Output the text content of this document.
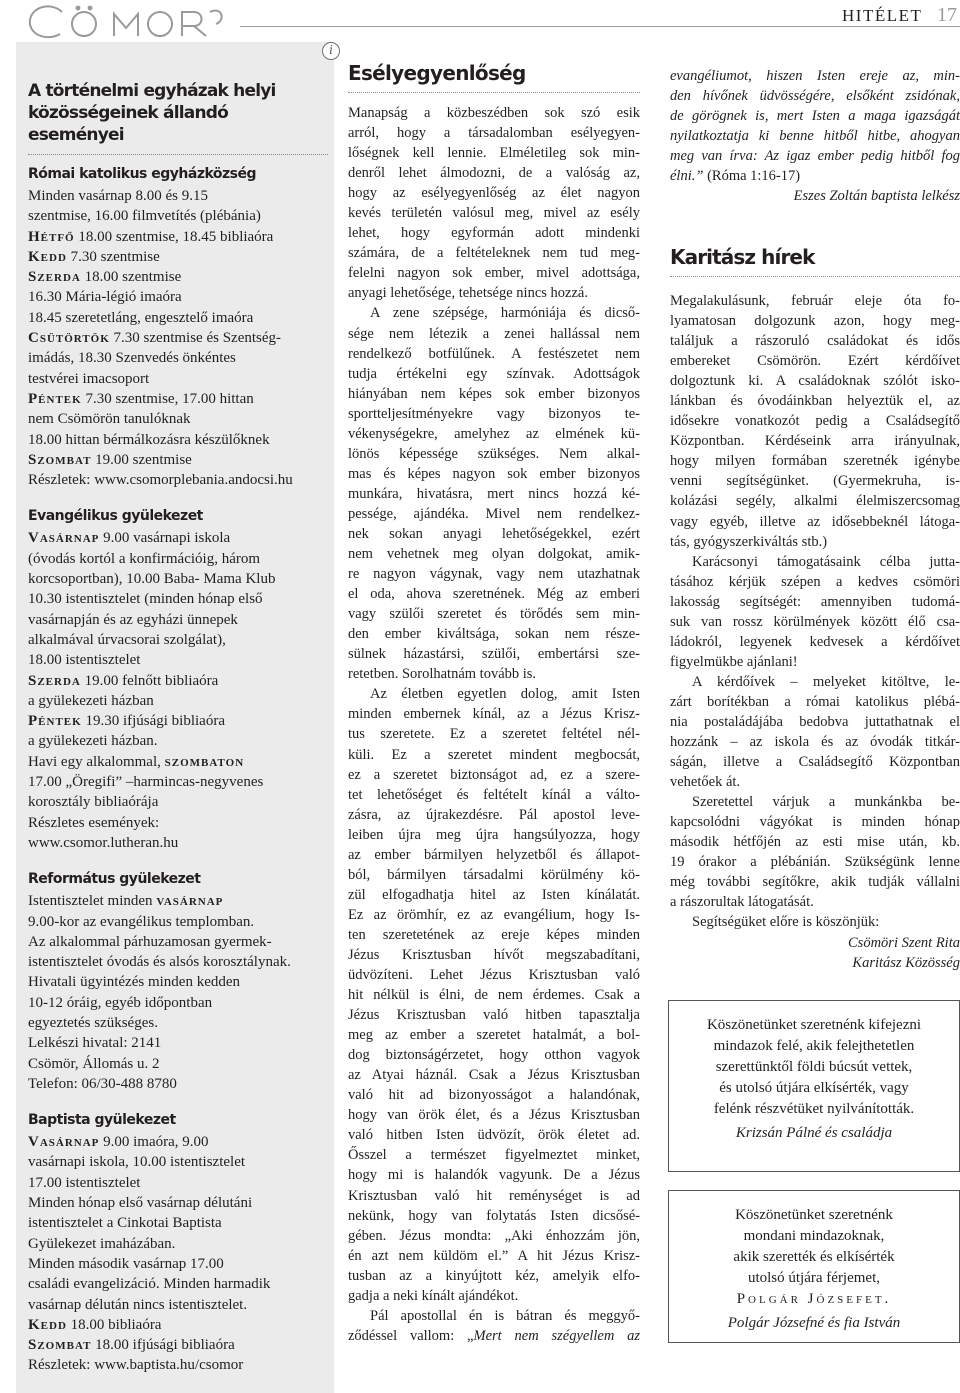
Csömör
HITÉLET 17
i
A történelmi egyházak helyi
közösségeinek állandó eseményei
Római katolikus egyházközség
Minden vasárnap 8.00 és 9.15
szentmise, 16.00 filmvetítés (plébánia)
Hétfő 18.00 szentmise, 18.45 bibliaóra
Kedd 7.30 szentmise
Szerda 18.00 szentmise
16.30 Mária-légió imaóra
18.45 szeretetláng, engesztelő imaóra
Csütörtök 7.30 szentmise és Szentség-
imádás, 18.30 Szenvedés önkéntes
testvérei imacsoport
Péntek 7.30 szentmise, 17.00 hittan
nem Csömörön tanulóknak
18.00 hittan bérmálkozásra készülőknek
Szombat 19.00 szentmise
Részletek: www.csomorplebania.andocsi.hu
Evangélikus gyülekezet
Vasárnap 9.00 vasárnapi iskola
(óvodás kortól a konfirmációig, három
korcsoportban), 10.00 Baba- Mama Klub
10.30 istentisztelet (minden hónap első
vasárnapján és az egyházi ünnepek
alkalmával úrvacsorai szolgálat),
18.00 istentisztelet
Szerda 19.00 felnőtt bibliaóra
a gyülekezeti házban
Péntek 19.30 ifjúsági bibliaóra
a gyülekezeti házban.
Havi egy alkalommal, szombaton
17.00 „Öregifi” –harmincas-negyvenes
korosztály bibliaórája
Részletes események:
www.csomor.lutheran.hu
Református gyülekezet
Istentisztelet minden vasárnap
9.00-kor az evangélikus templomban.
Az alkalommal párhuzamosan gyermek-
istentisztelet óvodás és alsós korosztálynak.
Hivatali ügyintézés minden kedden
10-12 óráig, egyéb időpontban
egyeztetés szükséges.
Lelkészi hivatal: 2141
Csömör, Állomás u. 2
Telefon: 06/30-488 8780
Baptista gyülekezet
Vasárnap 9.00 imaóra, 9.00
vasárnapi iskola, 10.00 istentisztelet
17.00 istentisztelet
Minden hónap első vasárnap délutáni
istentisztelet a Cinkotai Baptista
Gyülekezet imaházában.
Minden második vasárnap 17.00
családi evangelizáció. Minden harmadik
vasárnap délután nincs istentisztelet.
Kedd 18.00 bibliaóra
Szombat 18.00 ifjúsági bibliaóra
Részletek: www.baptista.hu/csomor
Esélyegyenlőség
Manapság a közbeszédben sok szó esik
arról, hogy a társadalomban esélyegyen-
lőségnek kell lennie. Elméletileg sok min-
denről lehet álmodozni, de a valóság az,
hogy az esélyegyenlőség az élet nagyon
kevés területén valósul meg, mivel az esély
lehet, hogy egyformán adott mindenki
számára, de a feltételeknek nem tud meg-
felelni nagyon sok ember, mivel adottsága,
anyagi lehetősége, tehetsége nincs hozzá.
A zene szépsége, harmóniája és dicső-
sége nem létezik a zenei hallással nem
rendelkező botfülűnek. A festészetet nem
tudja értékelni egy színvak. Adottságok
hiányában nem képes sok ember bizonyos
sportteljesítményekre vagy bizonyos te-
vékenységekre, amelyhez az elmének kü-
lönös képessége szükséges. Nem alkal-
mas és képes nagyon sok ember bizonyos
munkára, hivatásra, mert nincs hozzá ké-
pessége, ajándéka. Mivel nem rendelkez-
nek sokan anyagi lehetőségekkel, ezért
nem vehetnek meg olyan dolgokat, amik-
re nagyon vágynak, vagy nem utazhatnak
el oda, ahova szeretnének. Még az emberi
vagy szülői szeretet és törődés sem min-
den ember kiváltsága, sokan nem része-
sülnek házastársi, szülői, embertársi sze-
retetben. Sorolhatnám tovább is.
Az életben egyetlen dolog, amit Isten
minden embernek kínál, az a Jézus Krisz-
tus szeretete. Ez a szeretet feltétel nél-
küli. Ez a szeretet mindent megbocsát,
ez a szeretet biztonságot ad, ez a szere-
tet lehetőséget és feltételt kínál a válto-
zásra, az újrakezdésre. Pál apostol leve-
leiben újra meg újra hangsúlyozza, hogy
az ember bármilyen helyzetből és állapot-
ból, bármilyen társadalmi körülmény kö-
zül elfogadhatja hitel az Isten kínálatát.
Ez az örömhír, ez az evangélium, hogy Is-
ten szeretetének az ereje képes minden
Jézus Krisztusban hívőt megszabadítani,
üdvözíteni. Lehet Jézus Krisztusban való
hit nélkül is élni, de nem érdemes. Csak a
Jézus Krisztusban való hitben tapasztalja
meg az ember a szeretet hatalmát, a bol-
dog biztonságérzetet, hogy otthon vagyok
az Atyai háznál. Csak a Jézus Krisztusban
való hit ad bizonyosságot a halandónak,
hogy van örök élet, és a Jézus Krisztusban
való hitben Isten üdvözít, örök életet ad.
Ősszel a természet figyelmeztet minket,
hogy mi is halandók vagyunk. De a Jézus
Krisztusban való hit reménységet is ad
nekünk, hogy van folytatás Isten dicsősé-
gében. Jézus mondta: „Aki énhozzám jön,
én azt nem küldöm el.” A hit Jézus Krisz-
tusban az a kinyújtott kéz, amelyik elfo-
gadja a neki kínált ajándékot.
Pál apostollal én is bátran és meggyő-
ződéssel vallom: „Mert nem szégyellem az
evangéliumot, hiszen Isten ereje az, min-
den hívőnek üdvösségére, elsőként zsidónak,
de görögnek is, mert Isten a maga igazságát
nyilatkoztatja ki benne hitből hitbe, ahogyan
meg van írva: Az igaz ember pedig hitből fog
élni.” (Róma 1:16-17)
Eszes Zoltán baptista lelkész
Karitász hírek
Megalakulásunk, február eleje óta fo-
lyamatosan dolgozunk azon, hogy meg-
találjuk a rászoruló családokat és idős
embereket Csömörön. Ezért kérdőívet
dolgoztunk ki. A családoknak szólót isko-
lánkban és óvodáinkban helyeztük el, az
idősekre vonatkozót pedig a Családsegítő
Központban. Kérdéseink arra irányulnak,
hogy milyen formában szeretnék igénybe
venni segítségünket. (Gyermekruha, is-
kolázási segély, alkalmi élelmiszercsomag
vagy egyéb, illetve az idősebbeknél látoga-
tás, gyógyszerkiváltás stb.)
Karácsonyi támogatásaink célba jutta-
tásához kérjük szépen a kedves csömöri
lakosság segítségét: amennyiben tudomá-
suk van rossz körülmények között élő csa-
ládokról, legyenek kedvesek a kérdőívet
figyelmükbe ajánlani!
A kérdőívek – melyeket kitöltve, le-
zárt borítékban a római katolikus plébá-
nia postaládájába bedobva juttathatnak el
hozzánk – az iskola és az óvodák titkár-
ságán, illetve a Családsegítő Központban
vehetőek át.
Szeretettel várjuk a munkánkba be-
kapcsolódni vágyókat is minden hónap
második hétfőjén az esti mise után, kb.
19 órakor a plébánián. Szükségünk lenne
még további segítőkre, akik tudják vállalni
a rászorultak látogatását.
Segítségüket előre is köszönjük:
Csömöri Szent Rita
Karitász Közösség
Köszönetünket szeretnénk kifejezni
mindazok felé, akik felejthetetlen
szerettünktől földi búcsút vettek,
és utolsó útjára elkísérték, vagy
felénk részvétüket nyilvánították.
Krizsán Pálné és családja
Köszönetünket szeretnénk
mondani mindazoknak,
akik szerették és elkísérték
utolsó útjára férjemet,
Polgár Józsefet.
Polgár Józsefné és fia István
